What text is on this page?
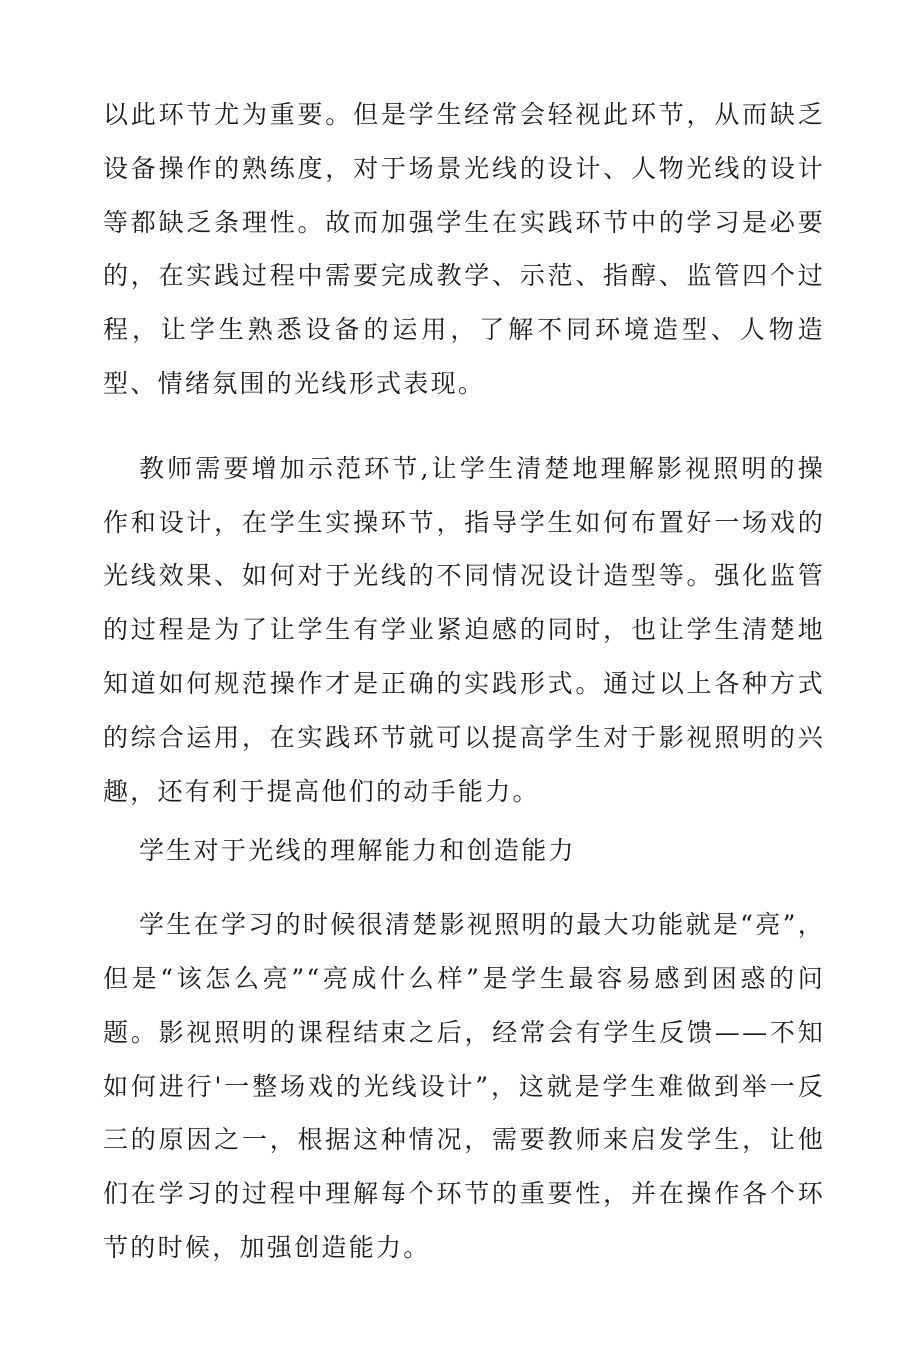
以此环节尤为重要。但是学生经常会轻视此环节，从而缺乏设备操作的熟练度，对于场景光线的设计、人物光线的设计等都缺乏条理性。故而加强学生在实践环节中的学习是必要的，在实践过程中需要完成教学、示范、指醇、监管四个过程，让学生熟悉设备的运用，了解不同环境造型、人物造型、情绪氛围的光线形式表现。

教师需要增加示范环节,让学生清楚地理解影视照明的操作和设计，在学生实操环节，指导学生如何布置好一场戏的光线效果、如何对于光线的不同情况设计造型等。强化监管的过程是为了让学生有学业紧迫感的同时，也让学生清楚地知道如何规范操作才是正确的实践形式。通过以上各种方式的综合运用，在实践环节就可以提高学生对于影视照明的兴趣，还有利于提高他们的动手能力。

学生对于光线的理解能力和创造能力

学生在学习的时候很清楚影视照明的最大功能就是“亮”，但是“该怎么亮”“亮成什么样”是学生最容易感到困惑的问题。影视照明的课程结束之后，经常会有学生反馈——不知如何进行'一整场戏的光线设计”，这就是学生难做到举一反三的原因之一，根据这种情况，需要教师来启发学生，让他们在学习的过程中理解每个环节的重要性，并在操作各个环节的时候，加强创造能力。
